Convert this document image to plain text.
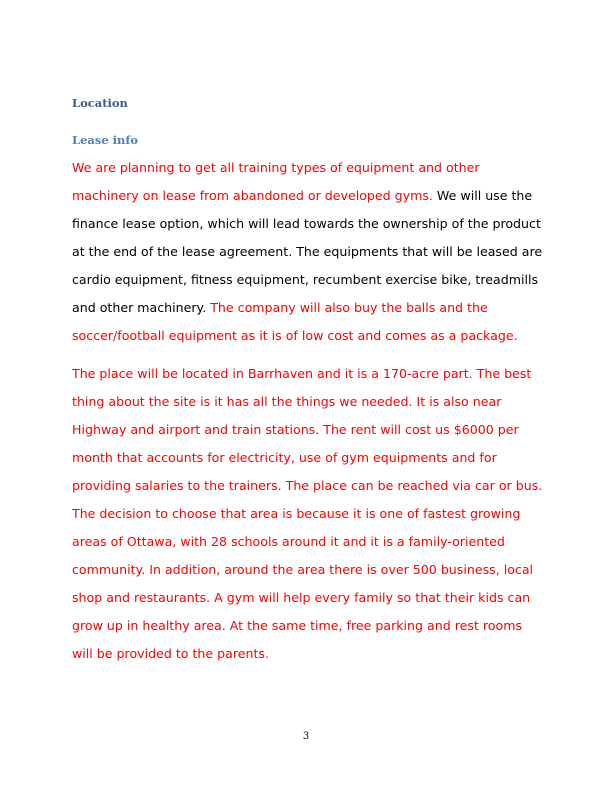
Location
Lease info

We are planning to get all training types of equipment and other machinery on lease from abandoned or developed gyms. We will use the finance lease option, which will lead towards the ownership of the product at the end of the lease agreement. The equipments that will be leased are cardio equipment, fitness equipment, recumbent exercise bike, treadmills and other machinery. The company will also buy the balls and the soccer/football equipment as it is of low cost and comes as a package.

The place will be located in Barrhaven and it is a 170-acre part. The best thing about the site is it has all the things we needed. It is also near Highway and airport and train stations. The rent will cost us $6000 per month that accounts for electricity, use of gym equipments and for providing salaries to the trainers. The place can be reached via car or bus. The decision to choose that area is because it is one of fastest growing areas of Ottawa, with 28 schools around it and it is a family-oriented community. In addition, around the area there is over 500 business, local shop and restaurants. A gym will help every family so that their kids can grow up in healthy area. At the same time, free parking and rest rooms will be provided to the parents.

3
